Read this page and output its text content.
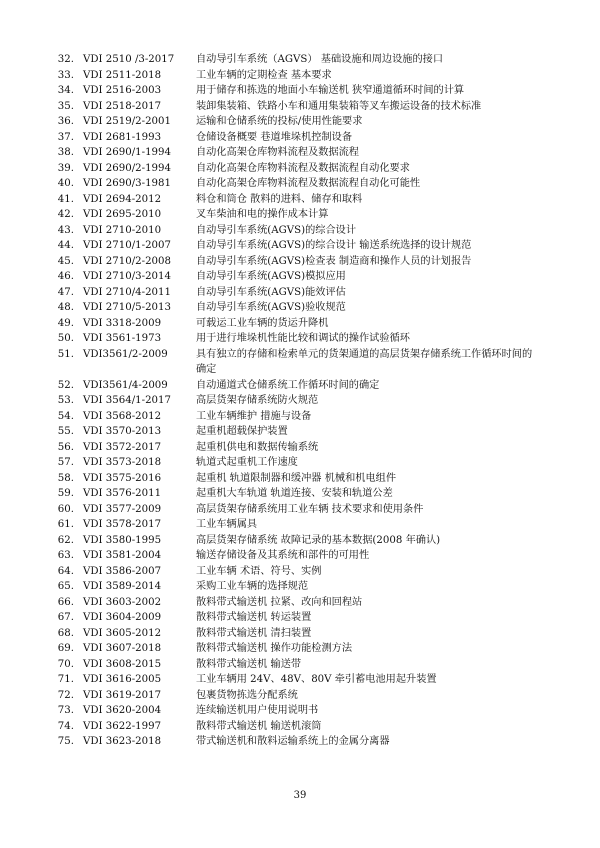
32. VDI 2510 /3-2017 自动导引车系统（AGVS） 基础设施和周边设施的接口
33. VDI 2511-2018	工业车辆的定期检查 基本要求
34. VDI 2516-2003	用于储存和拣选的地面小车输送机 狭窄通道循环时间的计算
35. VDI 2518-2017	装卸集装箱、铁路小车和通用集装箱等叉车搬运设备的技术标准
36. VDI 2519/2-2001 运输和仓储系统的投标/使用性能要求
37. VDI 2681-1993	仓储设备概要 巷道堆垛机控制设备
38. VDI 2690/1-1994 自动化高架仓库物料流程及数据流程
39. VDI 2690/2-1994 自动化高架仓库物料流程及数据流程自动化要求
40. VDI 2690/3-1981 自动化高架仓库物料流程及数据流程自动化可能性
41. VDI 2694-2012	料仓和筒仓 散料的进料、储存和取料
42. VDI 2695-2010	叉车柴油和电的操作成本计算
43. VDI 2710-2010	自动导引车系统(AGVS)的综合设计
44. VDI 2710/1-2007 自动导引车系统(AGVS)的综合设计 输送系统选择的设计规范
45. VDI 2710/2-2008 自动导引车系统(AGVS)检查表 制造商和操作人员的计划报告
46. VDI 2710/3-2014 自动导引车系统(AGVS)模拟应用
47. VDI 2710/4-2011 自动导引车系统(AGVS)能效评估
48. VDI 2710/5-2013 自动导引车系统(AGVS)验收规范
49. VDI 3318-2009	可载运工业车辆的货运升降机
50. VDI 3561-1973	用于进行堆垛机性能比较和调试的操作试验循环
51. VDI3561/2-2009	具有独立的存储和检索单元的货架通道的高层货架存储系统工作循环时间的确定
52. VDI3561/4-2009	自动通道式仓储系统工作循环时间的确定
53. VDI 3564/1-2017 高层货架存储系统防火规范
54. VDI 3568-2012	工业车辆维护 措施与设备
55. VDI 3570-2013	起重机超载保护装置
56. VDI 3572-2017	起重机供电和数据传输系统
57. VDI 3573-2018	轨道式起重机工作速度
58. VDI 3575-2016	起重机 轨道限制器和缓冲器 机械和机电组件
59. VDI 3576-2011	起重机大车轨道 轨道连接、安装和轨道公差
60. VDI 3577-2009	高层货架存储系统用工业车辆 技术要求和使用条件
61. VDI 3578-2017	工业车辆属具
62. VDI 3580-1995	高层货架存储系统 故障记录的基本数据(2008 年确认)
63. VDI 3581-2004	输送存储设备及其系统和部件的可用性
64. VDI 3586-2007	工业车辆 术语、符号、实例
65. VDI 3589-2014	采购工业车辆的选择规范
66. VDI 3603-2002	散料带式输送机 拉紧、改向和回程站
67. VDI 3604-2009	散料带式输送机 转运装置
68. VDI 3605-2012	散料带式输送机 清扫装置
69. VDI 3607-2018	散料带式输送机 操作功能检测方法
70. VDI 3608-2015	散料带式输送机 输送带
71. VDI 3616-2005	工业车辆用 24V、48V、80V 牵引蓄电池用起升装置
72. VDI 3619-2017	包裹货物拣选分配系统
73. VDI 3620-2004	连续输送机用户使用说明书
74. VDI 3622-1997	散料带式输送机 输送机滚筒
75. VDI 3623-2018	带式输送机和散料运输系统上的金属分离器
39
